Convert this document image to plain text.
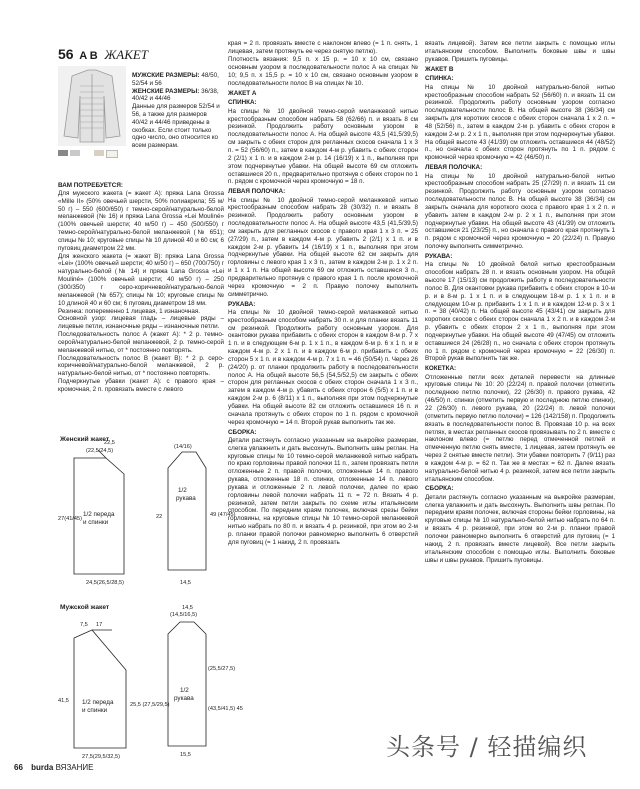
56 A B ЖАКЕТ
МУЖСКИЕ РАЗМЕРЫ: 48/50, 52/54 и 56
ЖЕНСКИЕ РАЗМЕРЫ: 36/38, 40/42 и 44/46
Данные для размеров 52/54 и 56, а также для размеров 40/42 и 44/46 приведены в скобках. Если стоит только одно число, оно относится ко всем размерам.

ВАМ ПОТРЕБУЕТСЯ:

Для мужского жакета (= жакет А): пряжа Lana Grossa «Mille II» (50% овечьей шерсти, 50% полиакрила; 55 м/ 50 г) – 550 (600/650) г темно-серой/натурально-белой меланжевой (№ 16) и пряжа Lana Grossa «Lei Mouliné» (100% овечьей шерсти; 40 м/50 г) – 450 (500/550) г темно-серой/натурально-белой меланжевой (№ 651); спицы № 10; круговые спицы № 10 длиной 40 и 60 см; 6 пуговиц диаметром 22 мм.

Для женского жакета (= жакет В): пряжа Lana Grossa «Lei» (100% овечьей шерсти; 40 м/50 г) – 650 (700/750) г натурально-белой (№ 14) и пряжа Lana Grossa «Lei Mouliné» (100% овечьей шерсти; 40 м/50 г) – 250 (300/350) г серо-коричневой/натурально-белой меланжевой (№ 657); спицы № 10; круговые спицы № 10 длиной 40 и 60 см; 6 пуговиц диаметром 18 мм.

Резинка: попеременно 1 лицевая, 1 изнаночная.

Основной узор: лицевая гладь – лицевые ряды – лицевые петли, изнаночные ряды – изнаночные петли.

Последовательность полос А (жакет А): * 2 р. темно-серой/натурально-белой меланжевой, 2 р. темно-серой меланжевой нитью, от * постоянно повторять.

Последовательность полос В (жакет В): * 2 р. серо-коричневой/натурально-белой меланжевой, 2 р. натурально-белой нитью, от * постоянно повторять.

Подчеркнутые убавки (жакет А): с правого края – кромочная, 2 п. провязать вместе с левого

Женский жакет
(22,5/24,5)
22,5
24,5(26,5/28,5)
27(41/45)
(14/16)
22	49 (47/45)
14,5
1/2 переда
и спинки
1/2
рукава
Мужской жакет
7,5 17
41,5
25,5 (27,5/29,5)
27,5(29,5/32,5)
(14,5/16,5)
14,5
(25,5/27,5)
(43,5/41,5) 45
15,5
1/2 переда
и спинки
1/2
рукава

края = 2 п. провязать вместе с наклоном влево (= 1 п. снять, 1 лицевая, затем протянуть ее через снятую петлю).

Плотность вязания: 9,5 п. х 15 р. = 10 х 10 см, связано основным узором в последовательности полос А на спицах № 10; 9,5 п. х 15,5 р. = 10 х 10 см, связано основным узором в последовательности полос В на спицах № 10.

ЖАКЕТ А

СПИНКА:

На спицы № 10 двойной темно-серой меланжевой нитью крестообразным способом набрать 58 (62/66) п. и вязать 8 см резинкой. Продолжить работу основным узором в последовательности полос А. На общей высоте 43,5 (41,5/39,5) см закрыть с обеих сторон для регланных скосов сначала 1 х 3 п. = 52 (56/60) п., затем в каждом 4-м р. убавить с обеих сторон 2 (2/1) х 1 п. и в каждом 2-м р. 14 (16/19) х 1 п., выполняя при этом подчеркнутые убавки. На общей высоте 69 см отложить оставшиеся 20 п., предварительно протянув с обеих сторон по 1 п. рядом с кромочной через кромочную = 18 п.

ЛЕВАЯ ПОЛОЧКА:

На спицы № 10 двойной темно-серой меланжевой нитью крестообразным способом набрать 28 (30/32) п. и вязать 8 резинкой. Продолжить работу основным узором в последовательности полос А. На общей высоте 43,5 (41,5/39,5) см закрыть для регланных скосов с правого края 1 х 3 п. = 25 (27/29) п., затем в каждом 4-м р. убавить 2 (2/1) х 1 п. и в каждом 2-м р. убавить 14 (16/19) х 1 п., выполняя при этом подчеркнутые убавки. На общей высоте 62 см закрыть для горловины с левого края 1 х 3 п., затем в каждом 2-м р. 1 х 2 п. и 1 х 1 п. На общей высоте 69 см отложить оставшиеся 3 п., предварительно протянув с правого края 1 п. после кромочной через кромочную = 2 п. Правую полочку выполнить симметрично.

РУКАВА:

На спицы № 10 двойной темно-серой меланжевой нитью крестообразным способом набрать 30 п. и для планки вязать 11 см резинкой. Продолжить работу основным узором. Для окантовки рукава прибавить с обеих сторон в каждом 8-м р. 7 х 1 п. и в следующем 6-м р. 1 х 1 п., в каждом 6-м р. 6 х 1 п. и в каждом 4-м р. 2 х 1 п. и в каждом 6-м р. прибавить с обеих сторон 5 х 1 п. и в каждом 4-м р. 7 х 1 п. = 46 (50/54) п. Через 26 (24/20) р. от планки продолжить работу в последовательности полос А. На общей высоте 56,5 (54,5/52,5) см закрыть с обеих сторон для регланных скосов с обеих сторон сначала 1 х 3 п., затем в каждом 4-м р. убавить с обеих сторон 6 (5/5) х 1 п. и в каждом 2-м р. 6 (8/11) х 1 п., выполняя при этом подчеркнутые убавки. На общей высоте 82 см отложить оставшиеся 16 п. и сначала протянуть с обеих сторон по 1 п. рядом с кромочной через кромочную = 14 п. Второй рукав выполнить так же.

СБОРКА:

Детали растянуть согласно указанным на выкройке размерам, слегка увлажнить и дать высохнуть. Выполнить швы реглан. На круговые спицы № 10 темно-серой меланжевой нитью набрать по краю горловины правой полочки 11 п., затем провязать петли отложенные 2 п. правой полочки, отложенные 14 п. правого рукава, отложенные 18 п. спинки, отложенные 14 п. левого рукава и отложенные 2 п. левой полочки, далее по краю горловины левой полочки набрать 11 п. = 72 п. Вязать 4 р. резинкой, затем петли закрыть по схеме иглы итальянским способом. По передним краям полочек, включая срезы бейки горловины, на круговые спицы № 10 темно-серой меланжевой нитью набрать по 80 п. и вязать 4 р. резинкой, при этом во 2-м р. планки правой полочки равномерно выполнить 6 отверстий для пуговиц (= 1 накид, 2 п. провязать

вязать лицевой). Затем все петли закрыть с помощью иглы итальянским способом. Выполнить боковые швы и швы рукавов. Пришить пуговицы.

ЖАКЕТ В

СПИНКА:

На спицы № 10 двойной натурально-белой нитью крестообразным способом набрать 52 (56/60) п. и вязать 11 см резинкой. Продолжить работу основным узором согласно последовательности полос В. На общей высоте 38 (36/34) см закрыть для коротких скосов с обеих сторон сначала 1 х 2 п. = 48 (52/56) п., затем в каждом 2-м р. убавить с обеих сторон в каждом 2-м р. 2 х 1 п., выполняя при этом подчеркнутые убавки. На общей высоте 43 (41/39) см отложить оставшиеся 44 (48/52) п., но сначала с обеих сторон протянуть по 1 п. рядом с кромочной через кромочную = 42 (46/50) п.

ЛЕВАЯ ПОЛОЧКА:

На спицы № 10 двойной натурально-белой нитью крестообразным способом набрать 25 (27/29) п. и вязать 11 см резинкой. Продолжить работу основным узором согласно последовательности полос В. На общей высоте 38 (36/34) см закрыть сначала для короткого скоса с правого края 1 х 2 п. и убавить затем в каждом 2-м р. 2 х 1 п., выполняя при этом подчеркнутые убавки. На общей высоте 43 (41/39) см отложить оставшиеся 21 (23/25) п., но сначала с правого края протянуть 1 п. рядом с кромочной через кромочную = 20 (22/24) п. Правую полочку выполнить симметрично.

РУКАВА:

На спицы № 10 двойной белой нитью крестообразным способом набрать 28 п. и вязать основным узором. На общей высоте 17 (15/13) см продолжить работу в последовательности полос В. Для окантовки рукава прибавить с обеих сторон в 10-м р. и в 8-м р. 1 х 1 п. и в следующем 18-м р. 1 х 1 п. и в следующем 10-м р. прибавить 1 х 1 п. и в каждом 12-м р. 3 х 1 п. = 38 (40/42) п. На общей высоте 45 (43/41) см закрыть для коротких скосов с обеих сторон сначала 1 х 2 п. и в каждом 2-м р. убавить с обеих сторон 2 х 1 п., выполняя при этом подчеркнутые убавки. На общей высоте 49 (47/45) см отложить оставшиеся 24 (26/28) п., но сначала с обеих сторон протянуть по 1 п. рядом с кромочной через кромочную = 22 (26/30) п. Второй рукав выполнить так же.

КОКЕТКА:

Отложенные петли всех деталей перевести на длинные круговые спицы № 10: 20 (22/24) п. правой полочки (отметить последнюю петлю полочки), 22 (26/30) п. правого рукава, 42 (46/50) п. спинки (отметить первую и последнюю петлю спинки), 22 (26/30) п. левого рукава, 20 (22/24) п. левой полочки (отметить первую петлю полочки) = 126 (142/158) п. Продолжить вязать в последовательности полос В. Провязав 10 р. на всех петлях, в местах регланных скосов провязывать по 2 п. вместе с наклоном влево (= петлю перед отмеченной петлей и отмеченную петлю снять вместе, 1 лицевая, затем протянуть ее через 2 снятые вместе петли). Эти убавки повторить 7 (9/11) раз в каждом 4-м р. = 62 п. Так же в местах = 62 п. Далее вязать натурально-белой нитью 4 р. резинкой, затем все петли закрыть итальянским способом.

СБОРКА:

Детали растянуть согласно указанным на выкройке размерам, слегка увлажнить и дать высохнуть. Выполнить швы реглан. По передним краям полочек, включая стороны бейки горловины, на круговые спицы № 10 натурально-белой нитью набрать по 64 п. и вязать 4 р. резинкой, при этом во 2-м р. планки правой полочки равномерно выполнить 6 отверстий для пуговиц (= 1 накид, 2 п. провязать вместе лицевой). Все петли закрыть итальянским способом с помощью иглы. Выполнить боковые швы и швы рукавов. Пришить пуговицы.

66 burda ВЯЗАНИЕ
头条号 / 轻描编织
